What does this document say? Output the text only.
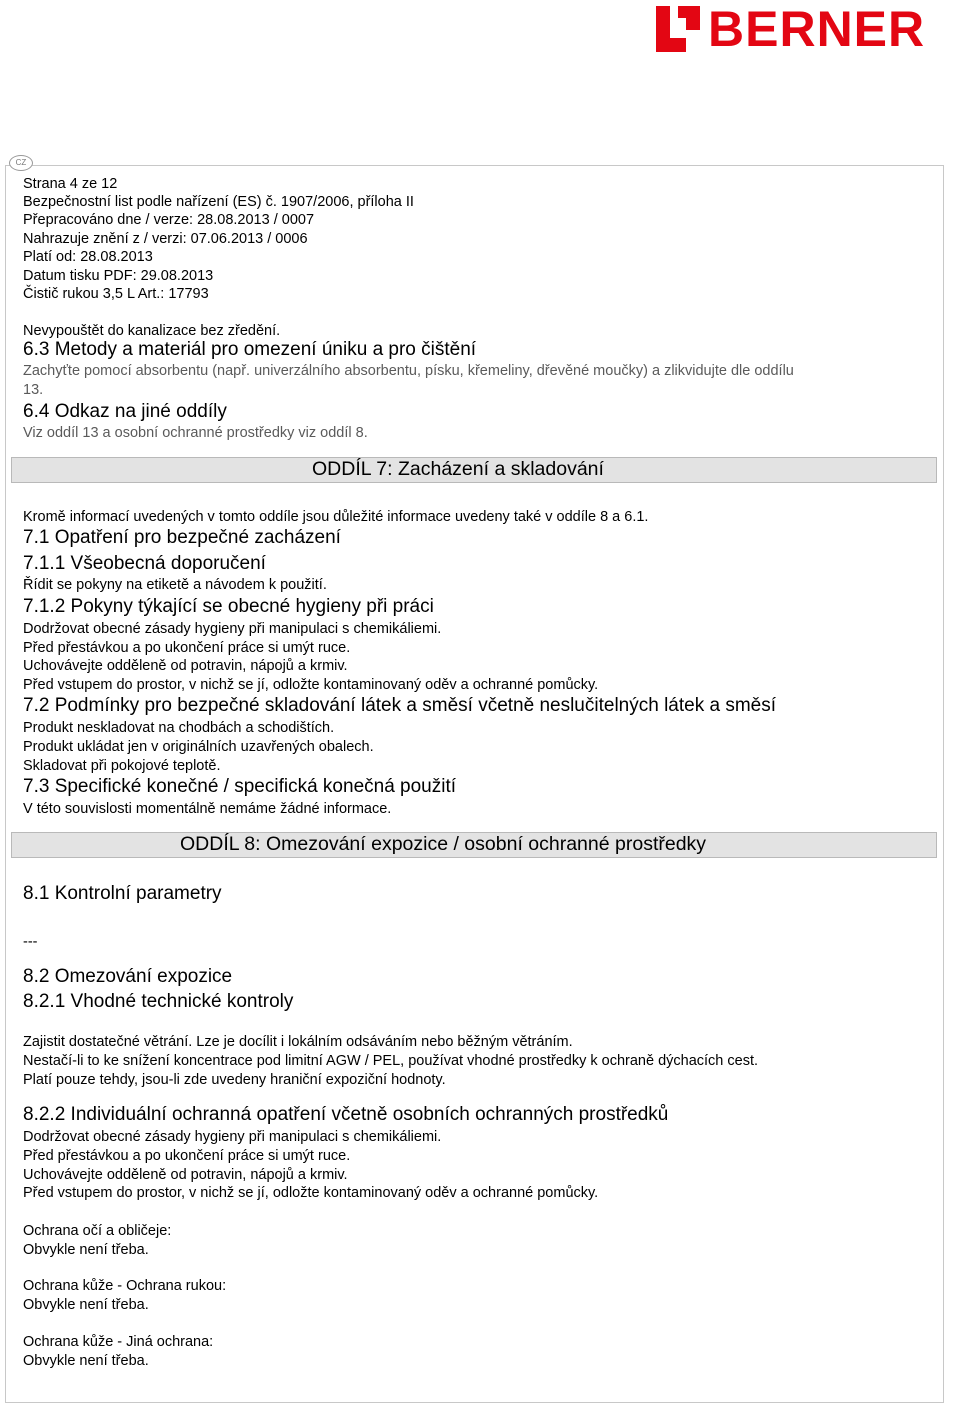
BERNER
CZ
Strana 4 ze 12
Bezpečnostní list podle nařízení (ES) č. 1907/2006, příloha II
Přepracováno dne / verze: 28.08.2013 / 0007
Nahrazuje znění z / verzi: 07.06.2013 / 0006
Platí od: 28.08.2013
Datum tisku PDF: 29.08.2013
Čistič rukou 3,5 L Art.: 17793
Nevypouštět do kanalizace bez zředění.
6.3 Metody a materiál pro omezení úniku a pro čištění
Zachyťte pomocí absorbentu (např. univerzálního absorbentu, písku, křemeliny, dřevěné moučky) a zlikvidujte dle oddílu
13.
6.4 Odkaz na jiné oddíly
Viz oddíl 13 a osobní ochranné prostředky viz oddíl 8.
ODDÍL 7: Zacházení a skladování
Kromě informací uvedených v tomto oddíle jsou důležité informace uvedeny také v oddíle 8 a 6.1.
7.1 Opatření pro bezpečné zacházení
7.1.1 Všeobecná doporučení
Řídit se pokyny na etiketě a návodem k použití.
7.1.2 Pokyny týkající se obecné hygieny při práci
Dodržovat obecné zásady hygieny při manipulaci s chemikáliemi.
Před přestávkou a po ukončení práce si umýt ruce.
Uchovávejte odděleně od potravin, nápojů a krmiv.
Před vstupem do prostor, v nichž se jí, odložte kontaminovaný oděv a ochranné pomůcky.
7.2 Podmínky pro bezpečné skladování látek a směsí včetně neslučitelných látek a směsí
Produkt neskladovat na chodbách a schodištích.
Produkt ukládat jen v originálních uzavřených obalech.
Skladovat při pokojové teplotě.
7.3 Specifické konečné / specifická konečná použití
V této souvislosti momentálně nemáme žádné informace.
ODDÍL 8: Omezování expozice / osobní ochranné prostředky
8.1 Kontrolní parametry
---
8.2 Omezování expozice
8.2.1 Vhodné technické kontroly
Zajistit dostatečné větrání. Lze je docílit i lokálním odsáváním nebo běžným větráním.
Nestačí-li to ke snížení koncentrace pod limitní AGW / PEL, používat vhodné prostředky k ochraně dýchacích cest.
Platí pouze tehdy, jsou-li zde uvedeny hraniční expoziční hodnoty.
8.2.2 Individuální ochranná opatření včetně osobních ochranných prostředků
Dodržovat obecné zásady hygieny při manipulaci s chemikáliemi.
Před přestávkou a po ukončení práce si umýt ruce.
Uchovávejte odděleně od potravin, nápojů a krmiv.
Před vstupem do prostor, v nichž se jí, odložte kontaminovaný oděv a ochranné pomůcky.
Ochrana očí a obličeje:
Obvykle není třeba.
Ochrana kůže - Ochrana rukou:
Obvykle není třeba.
Ochrana kůže - Jiná ochrana:
Obvykle není třeba.
